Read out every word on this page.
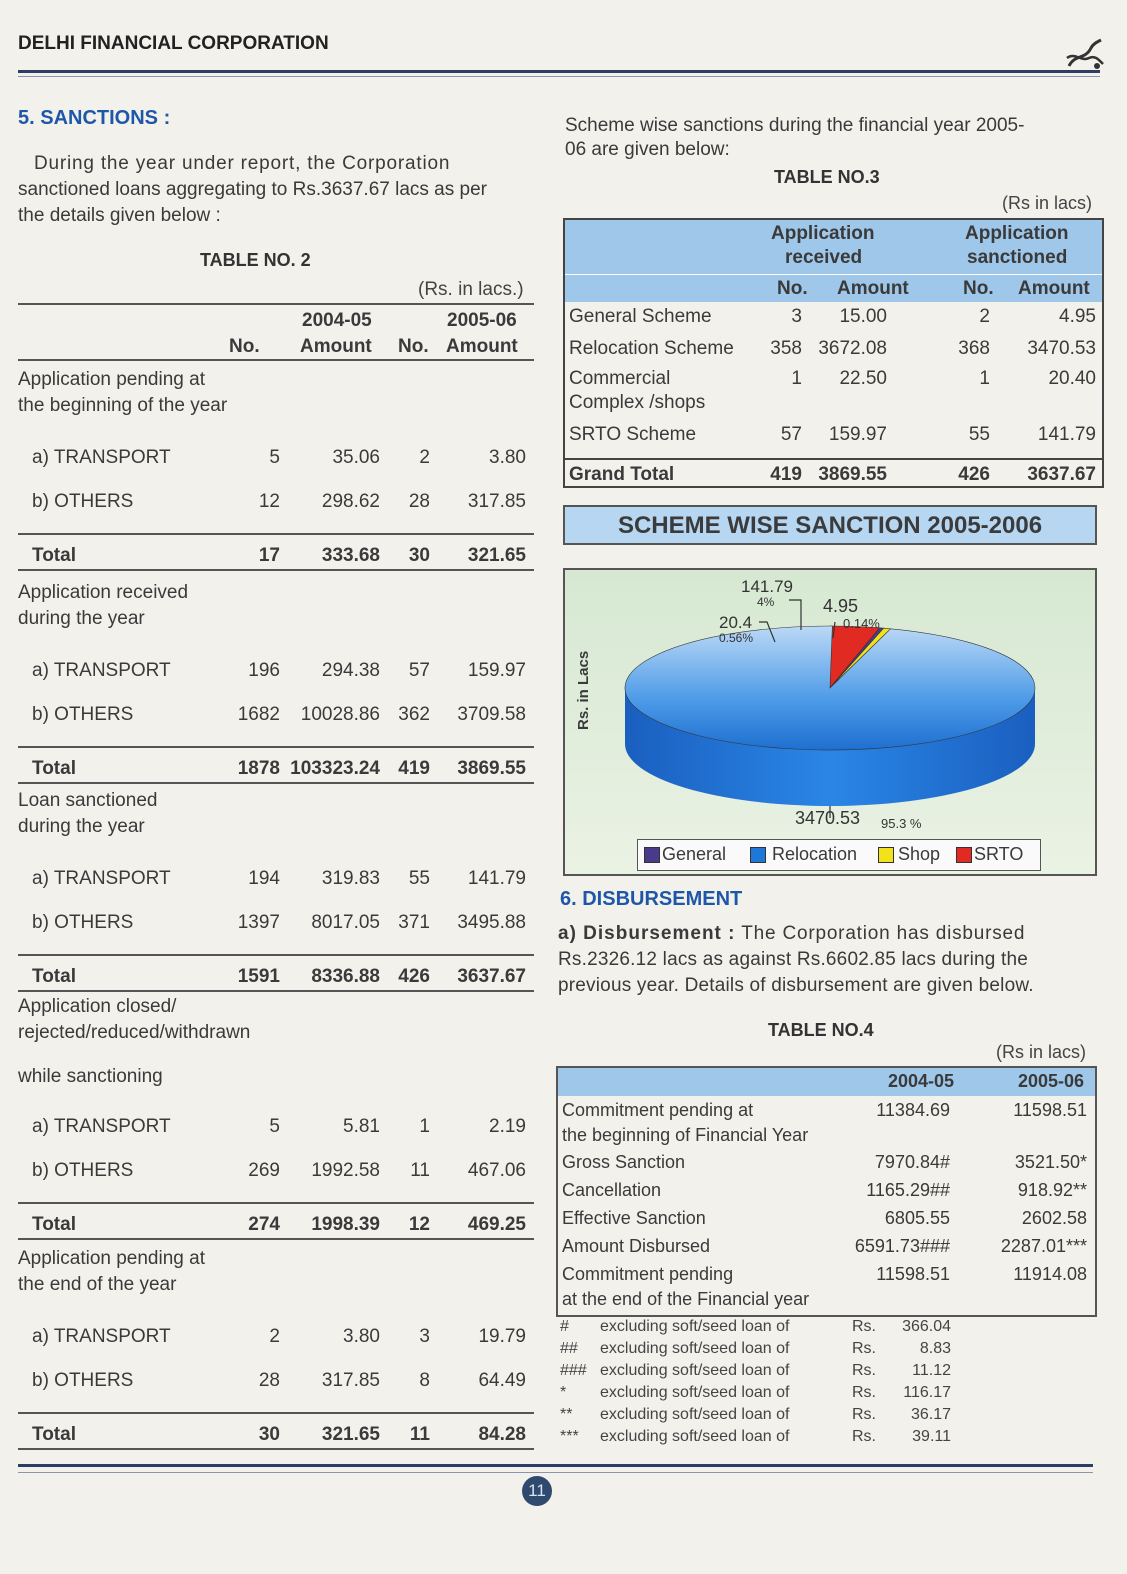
DELHI FINANCIAL CORPORATION
5. SANCTIONS :
During the year under report, the Corporation
sanctioned loans aggregating to Rs.3637.67 lacs as per
the details given below :
TABLE NO. 2
(Rs. in lacs.)
2004-05	2005-06
No. Amount No. Amount
Application pending at
the beginning of the year
a) TRANSPORT	5	35.06 2	3.80
b) OTHERS	12 298.62 28 317.85
Total	17 333.68 30 321.65
Application received
during the year
a) TRANSPORT	196 294.38 57 159.97
b) OTHERS	1682 10028.86 362 3709.58
Total	1878 103323.24 419 3869.55
Loan sanctioned
during the year
a) TRANSPORT	194 319.83 55 141.79
b) OTHERS	1397 8017.05 371 3495.88
Total	1591 8336.88 426 3637.67
Application closed/
rejected/reduced/withdrawn
while sanctioning
a) TRANSPORT	5	5.81 1	2.19
b) OTHERS	269 1992.58 11 467.06
Total	274 1998.39 12 469.25
Application pending at
the end of the year
a) TRANSPORT	2	3.80 3	19.79
b) OTHERS	28 317.85 8	64.49
Total	30 321.65 11	84.28
Scheme wise sanctions during the financial year 2005-
06 are given below:
TABLE NO.3
(Rs in lacs)
Application
received
Application
sanctioned
No. Amount	No. Amount
General Scheme	3 15.00	2	4.95
Relocation Scheme 358 3672.08	368 3470.53
Commercial
Complex /shops
1 22.50	1	20.40
SRTO Scheme	57 159.97	55	141.79
Grand Total	419 3869.55	426 3637.67
SCHEME WISE SANCTION 2005-2006
141.79
4%	4.95
0.14%
20.4
0.56%
3470.53 95.3 %
Rs. in Lacs
General	Relocation Shop SRTO
6. DISBURSEMENT
a) Disbursement : The Corporation has disbursed
Rs.2326.12 lacs as against Rs.6602.85 lacs during the
previous year. Details of disbursement are given below.
TABLE NO.4
(Rs in lacs)
2004-05	2005-06
Commitment pending at
the beginning of Financial Year
11384.69	11598.51
Gross Sanction	7970.84#	3521.50*
Cancellation	1165.29##	918.92**
Effective Sanction	6805.55	2602.58
Amount Disbursed	6591.73###	2287.01***
Commitment pending
at the end of the Financial year
11598.51	11914.08
# excluding soft/seed loan of	Rs. 366.04
## excluding soft/seed loan of	Rs.	8.83
### excluding soft/seed loan of	Rs. 11.12
* excluding soft/seed loan of	Rs. 116.17
** excluding soft/seed loan of	Rs. 36.17
*** excluding soft/seed loan of	Rs. 39.11
11
